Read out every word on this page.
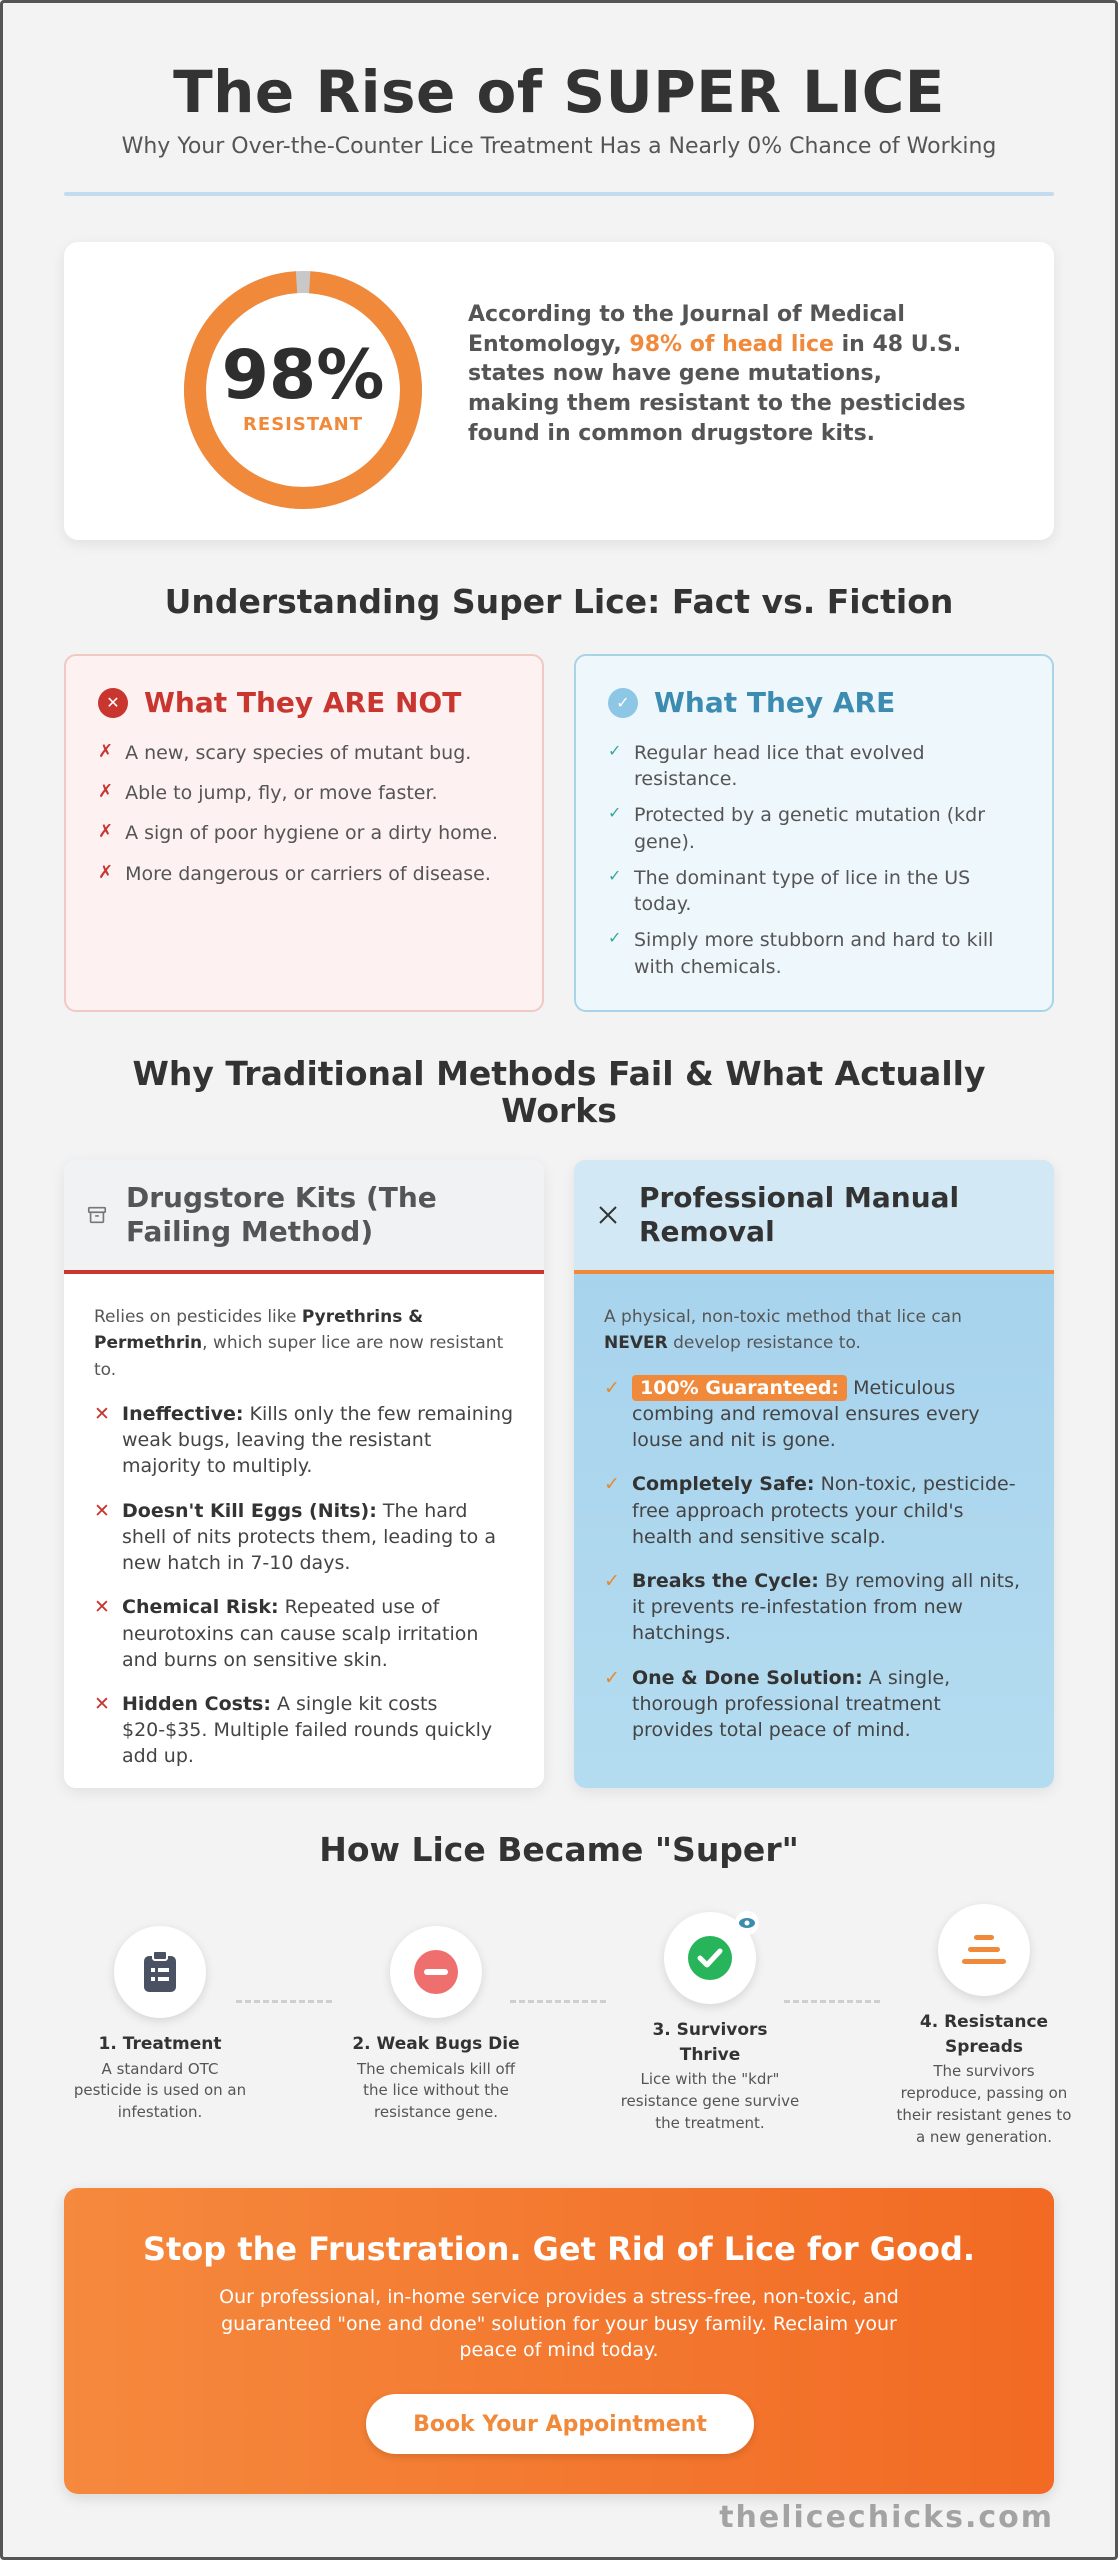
The Rise of SUPER LICE

Why Your Over-the-Counter Lice Treatment Has a Nearly 0% Chance of Working

98%
RESISTANT

According to the Journal of Medical Entomology, 98% of head lice in 48 U.S. states now have gene mutations, making them resistant to the pesticides found in common drugstore kits.

Understanding Super Lice: Fact vs. Fiction
✕ What They ARE NOT
✗ A new, scary species of mutant bug.
✗ Able to jump, fly, or move faster.
✗ A sign of poor hygiene or a dirty home.
✗ More dangerous or carriers of disease.
✓ What They ARE
✓ Regular head lice that evolved resistance.
✓ Protected by a genetic mutation (kdr gene).
✓ The dominant type of lice in the US today.
✓ Simply more stubborn and hard to kill with chemicals.
Why Traditional Methods Fail & What Actually Works
Drugstore Kits (The Failing Method)

Relies on pesticides like Pyrethrins & Permethrin, which super lice are now resistant to.

✕ Ineffective: Kills only the few remaining weak bugs, leaving the resistant majority to multiply.
✕ Doesn't Kill Eggs (Nits): The hard shell of nits protects them, leading to a new hatch in 7-10 days.
✕ Chemical Risk: Repeated use of neurotoxins can cause scalp irritation and burns on sensitive skin.
✕ Hidden Costs: A single kit costs $20-$35. Multiple failed rounds quickly add up.
Professional Manual Removal

A physical, non-toxic method that lice can NEVER develop resistance to.

✓	100% Guaranteed: Meticulous combing and removal ensures every louse and nit is gone.
✓ Completely Safe: Non-toxic, pesticide-free approach protects your child's health and sensitive scalp.
✓ Breaks the Cycle: By removing all nits, it prevents re-infestation from new hatchings.
✓ One & Done Solution: A single, thorough professional treatment provides total peace of mind.
How Lice Became "Super"
1. Treatment
A standard OTC pesticide is used on an infestation.
2. Weak Bugs Die
The chemicals kill off the lice without the resistance gene.
3. Survivors Thrive
Lice with the "kdr" resistance gene survive the treatment.
4. Resistance Spreads
The survivors reproduce, passing on their resistant genes to a new generation.
Stop the Frustration. Get Rid of Lice for Good.

Our professional, in-home service provides a stress-free, non-toxic, and guaranteed "one and done" solution for your busy family. Reclaim your peace of mind today.

Book Your Appointment
thelicechicks.com
